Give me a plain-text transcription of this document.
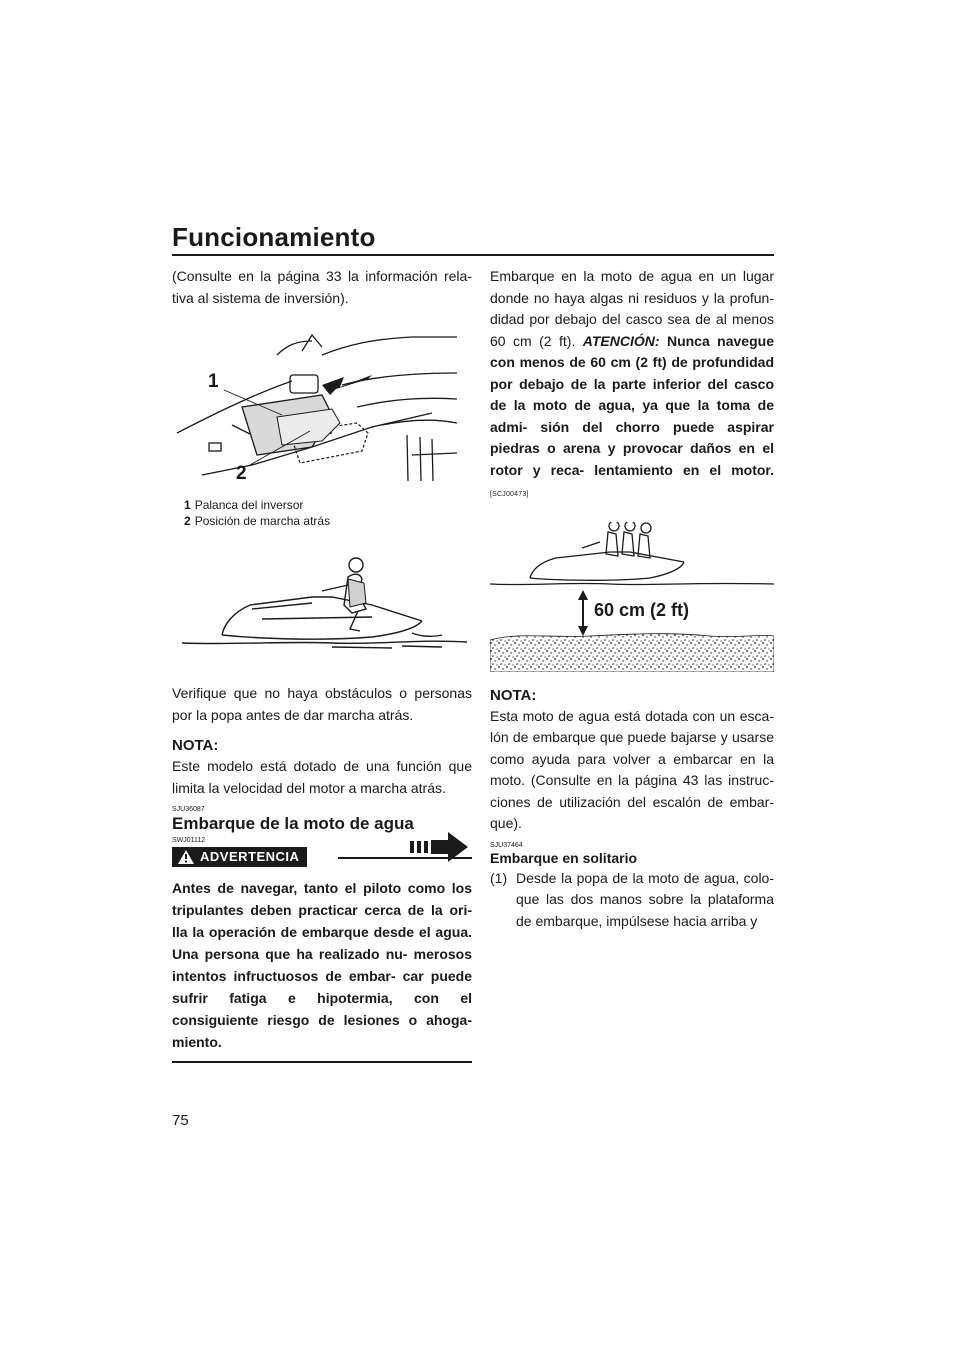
Funcionamiento
75

(Consulte en la página 33 la información rela- tiva al sistema de inversión).

1
2
1 Palanca del inversor
2 Posición de marcha atrás

Verifique que no haya obstáculos o personas por la popa antes de dar marcha atrás.

NOTA:

Este modelo está dotado de una función que limita la velocidad del motor a marcha atrás.

SJU36087
Embarque de la moto de agua
SWJ01112
ADVERTENCIA

Antes de navegar, tanto el piloto como los tripulantes deben practicar cerca de la ori- lla la operación de embarque desde el agua. Una persona que ha realizado nu- merosos intentos infructuosos de embar- car puede sufrir fatiga e hipotermia, con el consiguiente riesgo de lesiones o ahoga- miento.

Embarque en la moto de agua en un lugar donde no haya algas ni residuos y la profun- didad por debajo del casco sea de al menos 60 cm (2 ft). ATENCIÓN: Nunca navegue con menos de 60 cm (2 ft) de profundidad por debajo de la parte inferior del casco de la moto de agua, ya que la toma de admi- sión del chorro puede aspirar piedras o arena y provocar daños en el rotor y reca- lentamiento en el motor. [SCJ00473]

60 cm (2 ft)
NOTA:

Esta moto de agua está dotada con un esca- lón de embarque que puede bajarse y usarse como ayuda para volver a embarcar en la moto. (Consulte en la página 43 las instruc- ciones de utilización del escalón de embar- que).

SJU37464
Embarque en solitario
(1) Desde la popa de la moto de agua, colo- que las dos manos sobre la plataforma de embarque, impúlsese hacia arriba y
